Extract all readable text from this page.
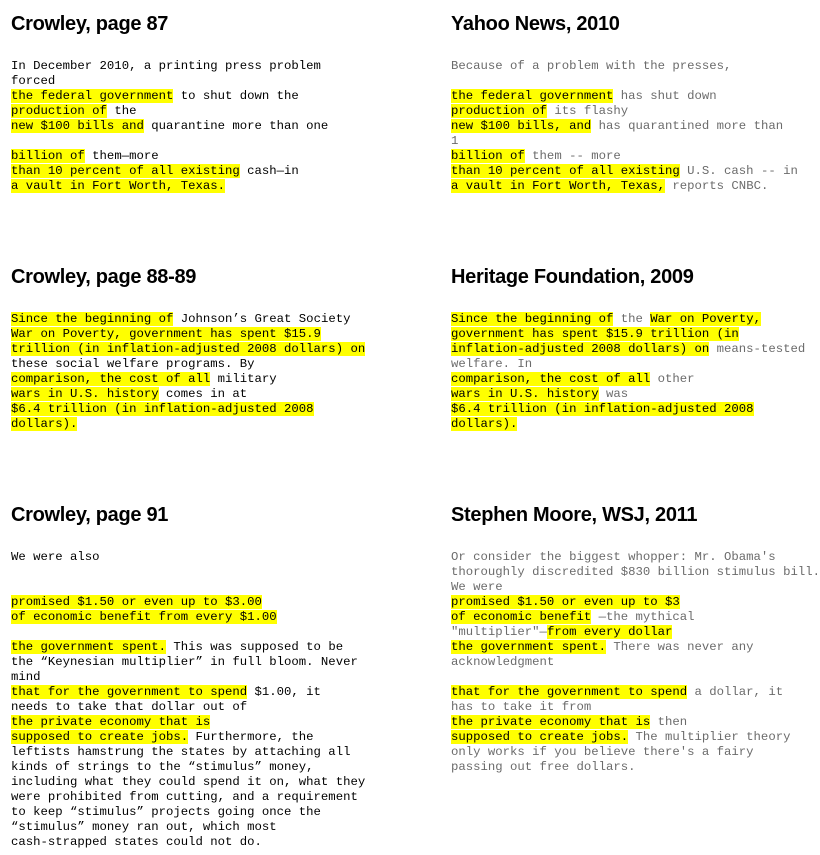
Crowley, page 87
In December 2010, a printing press problem
forced
the federal government to shut down the
production of the
new $100 bills and quarantine more than one
billion of them—more
than 10 percent of all existing cash—in
a vault in Fort Worth, Texas.
Crowley, page 88-89
Since the beginning of Johnson’s Great Society
War on Poverty, government has spent $15.9
trillion (in inflation-adjusted 2008 dollars) on
these social welfare programs. By
comparison, the cost of all military
wars in U.S. history comes in at
$6.4 trillion (in inflation-adjusted 2008
dollars).
Crowley, page 91
We were also
promised $1.50 or even up to $3.00
of economic benefit from every $1.00
the government spent. This was supposed to be
the “Keynesian multiplier” in full bloom. Never
mind
that for the government to spend $1.00, it
needs to take that dollar out of
the private economy that is
supposed to create jobs. Furthermore, the
leftists hamstrung the states by attaching all
kinds of strings to the “stimulus” money,
including what they could spend it on, what they
were prohibited from cutting, and a requirement
to keep “stimulus” projects going once the
“stimulus” money ran out, which most
cash-strapped states could not do.
Yahoo News, 2010
Because of a problem with the presses,
the federal government has shut down
production of its flashy
new $100 bills, and has quarantined more than
1
billion of them -- more
than 10 percent of all existing U.S. cash -- in
a vault in Fort Worth, Texas, reports CNBC.
Heritage Foundation, 2009
Since the beginning of the War on Poverty,
government has spent $15.9 trillion (in
inflation-adjusted 2008 dollars) on means-tested
welfare. In
comparison, the cost of all other
wars in U.S. history was
$6.4 trillion (in inflation-adjusted 2008
dollars).
Stephen Moore, WSJ, 2011
Or consider the biggest whopper: Mr. Obama's
thoroughly discredited $830 billion stimulus bill.
We were
promised $1.50 or even up to $3
of economic benefit —the mythical
"multiplier"—from every dollar
the government spent. There was never any
acknowledgment
that for the government to spend a dollar, it
has to take it from
the private economy that is then
supposed to create jobs. The multiplier theory
only works if you believe there's a fairy
passing out free dollars.
